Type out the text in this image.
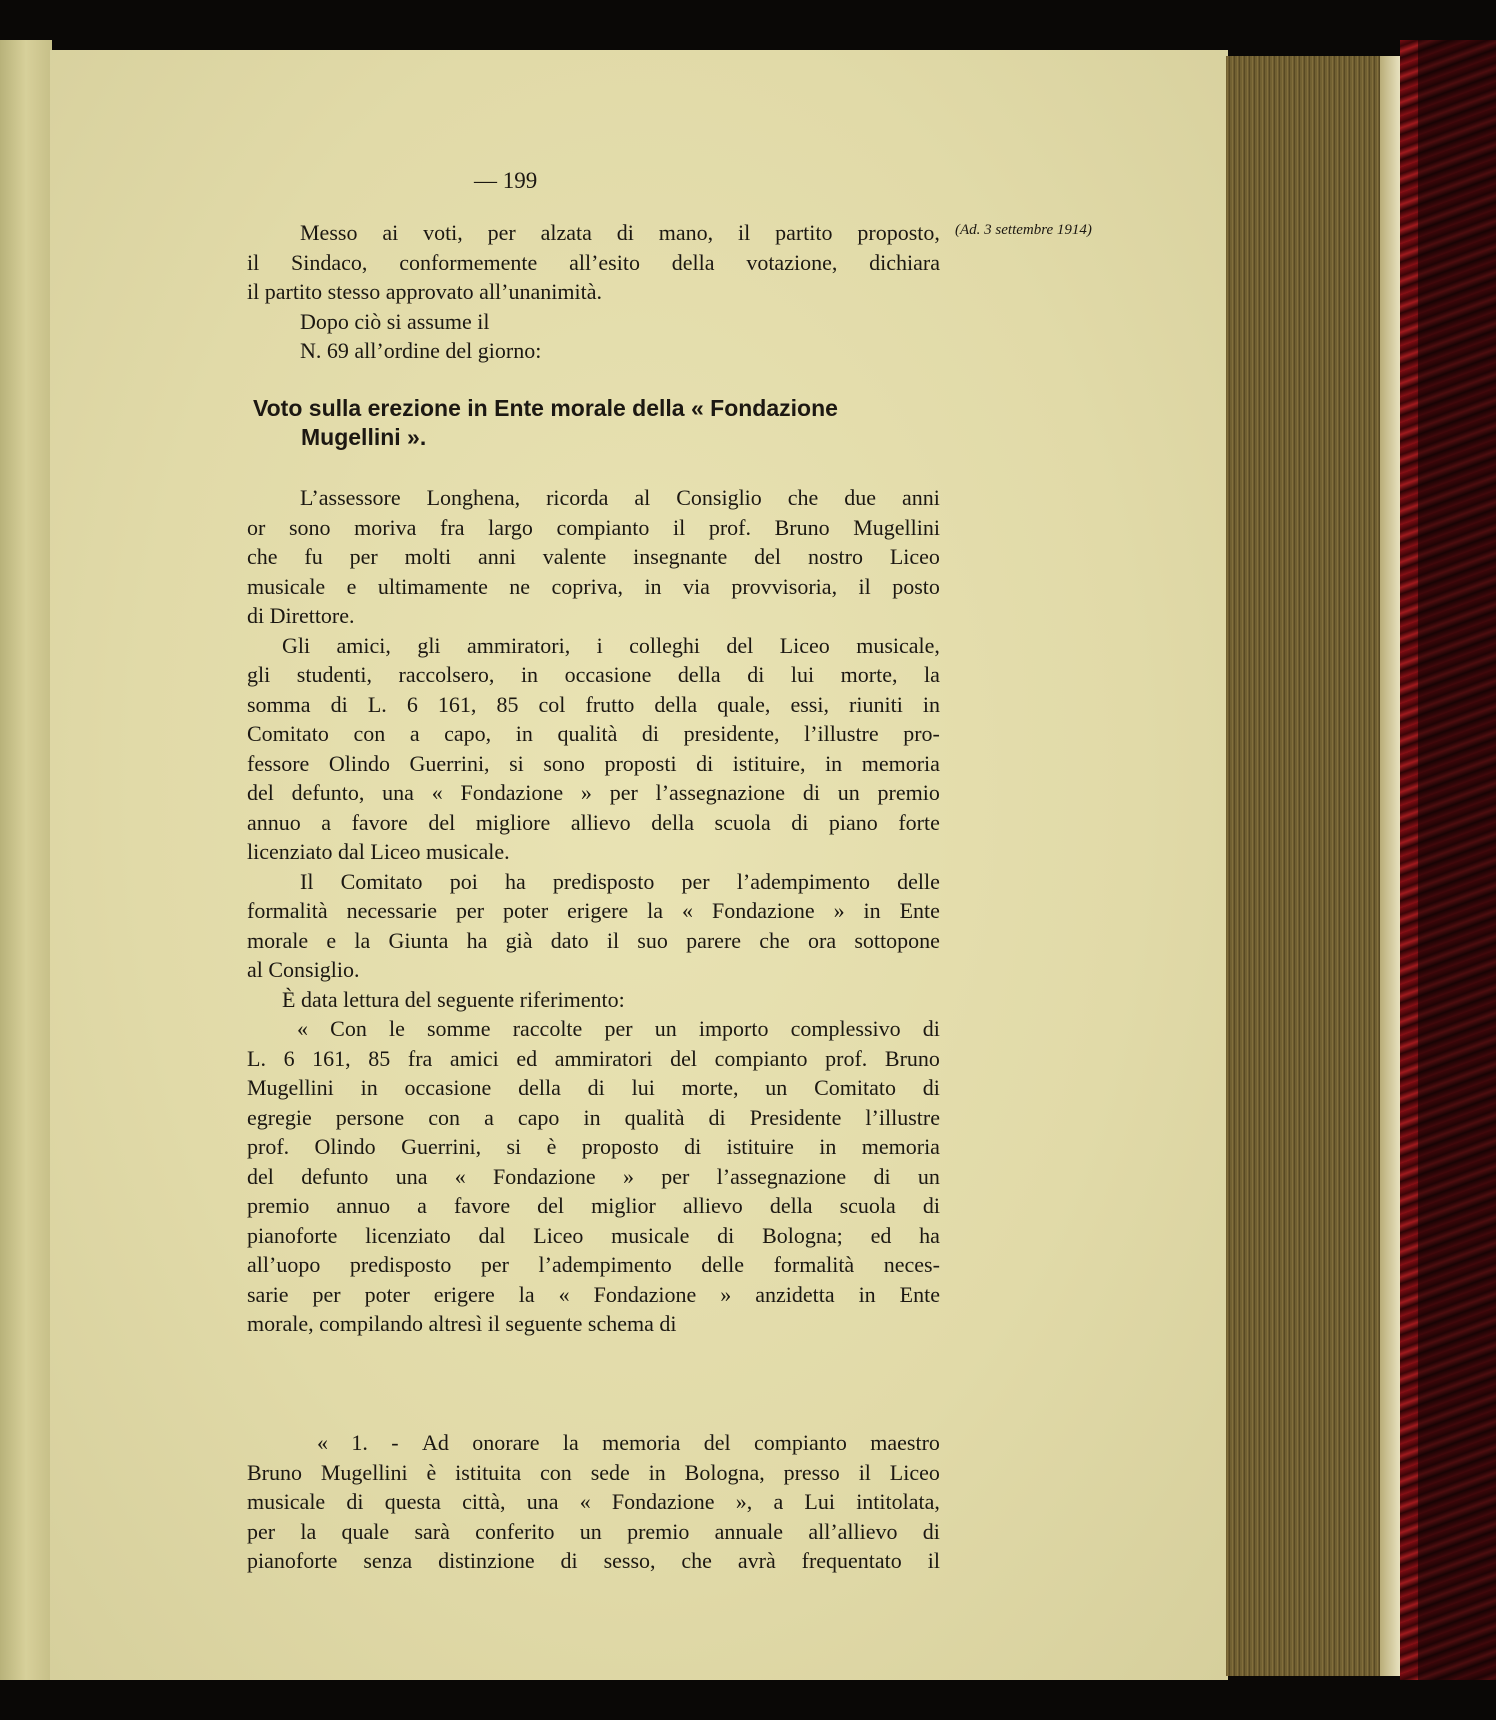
— 199
(Ad. 3 settembre 1914)
Messo ai voti, per alzata di mano, il partito proposto,
il Sindaco, conformemente all’esito della votazione, dichiara
il partito stesso approvato all’unanimità.
Dopo ciò si assume il
N. 69 all’ordine del giorno:
Voto sulla erezione in Ente morale della « Fondazione
Mugellini ».
L’assessore Longhena, ricorda al Consiglio che due anni
or sono moriva fra largo compianto il prof. Bruno Mugellini
che fu per molti anni valente insegnante del nostro Liceo
musicale e ultimamente ne copriva, in via provvisoria, il posto
di Direttore.
Gli amici, gli ammiratori, i colleghi del Liceo musicale,
gli studenti, raccolsero, in occasione della di lui morte, la
somma di L. 6 161, 85 col frutto della quale, essi, riuniti in
Comitato con a capo, in qualità di presidente, l’illustre pro-
fessore Olindo Guerrini, si sono proposti di istituire, in memoria
del defunto, una « Fondazione » per l’assegnazione di un premio
annuo a favore del migliore allievo della scuola di piano forte
licenziato dal Liceo musicale.
Il Comitato poi ha predisposto per l’adempimento delle
formalità necessarie per poter erigere la « Fondazione » in Ente
morale e la Giunta ha già dato il suo parere che ora sottopone
al Consiglio.
È data lettura del seguente riferimento:
« Con le somme raccolte per un importo complessivo di
L. 6 161, 85 fra amici ed ammiratori del compianto prof. Bruno
Mugellini in occasione della di lui morte, un Comitato di
egregie persone con a capo in qualità di Presidente l’illustre
prof. Olindo Guerrini, si è proposto di istituire in memoria
del defunto una « Fondazione » per l’assegnazione di un
premio annuo a favore del miglior allievo della scuola di
pianoforte licenziato dal Liceo musicale di Bologna; ed ha
all’uopo predisposto per l’adempimento delle formalità neces-
sarie per poter erigere la « Fondazione » anzidetta in Ente
morale, compilando altresì il seguente schema di
« 1. - Ad onorare la memoria del compianto maestro
Bruno Mugellini è istituita con sede in Bologna, presso il Liceo
musicale di questa città, una « Fondazione », a Lui intitolata,
per la quale sarà conferito un premio annuale all’allievo di
pianoforte senza distinzione di sesso, che avrà frequentato il
